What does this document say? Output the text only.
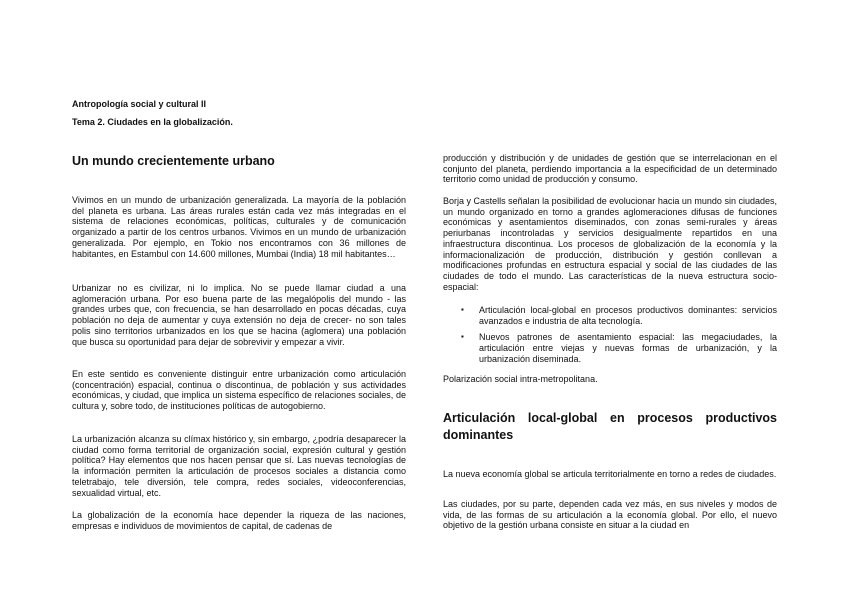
Antropología social y cultural II
Tema 2. Ciudades en la globalización.
Un mundo crecientemente urbano

Vivimos en un mundo de urbanización generalizada. La mayoría de la población del planeta es urbana. Las áreas rurales están cada vez más integradas en el sistema de relaciones económicas, políticas, culturales y de comunicación organizado a partir de los centros urbanos. Vivimos en un mundo de urbanización generalizada. Por ejemplo, en Tokio nos encontramos con 36 millones de habitantes, en Estambul con 14.600 millones, Mumbai (India) 18 mil habitantes…

Urbanizar no es civilizar, ni lo implica. No se puede llamar ciudad a una aglomeración urbana. Por eso buena parte de las megalópolis del mundo - las grandes urbes que, con frecuencia, se han desarrollado en pocas décadas, cuya población no deja de aumentar y cuya extensión no deja de crecer- no son tales polis sino territorios urbanizados en los que se hacina (aglomera) una población que busca su oportunidad para dejar de sobrevivir y empezar a vivir.

En este sentido es conveniente distinguir entre urbanización como articulación (concentración) espacial, continua o discontinua, de población y sus actividades económicas, y ciudad, que implica un sistema específico de relaciones sociales, de cultura y, sobre todo, de instituciones políticas de autogobierno.

La urbanización alcanza su clímax histórico y, sin embargo, ¿podría desaparecer la ciudad como forma territorial de organización social, expresión cultural y gestión política? Hay elementos que nos hacen pensar que sí. Las nuevas tecnologías de la información permiten la articulación de procesos sociales a distancia como teletrabajo, tele diversión, tele compra, redes sociales, videoconferencias, sexualidad virtual, etc.

La globalización de la economía hace depender la riqueza de las naciones, empresas e individuos de movimientos de capital, de cadenas de

producción y distribución y de unidades de gestión que se interrelacionan en el conjunto del planeta, perdiendo importancia a la especificidad de un determinado territorio como unidad de producción y consumo.

Borja y Castells señalan la posibilidad de evolucionar hacia un mundo sin ciudades, un mundo organizado en torno a grandes aglomeraciones difusas de funciones económicas y asentamientos diseminados, con zonas semi-rurales y áreas periurbanas incontroladas y servicios desigualmente repartidos en una infraestructura discontinua. Los procesos de globalización de la economía y la informacionalización de producción, distribución y gestión conllevan a modificaciones profundas en estructura espacial y social de las ciudades de las ciudades de todo el mundo. Las características de la nueva estructura socio-espacial:

▪ Articulación local-global en procesos productivos dominantes: servicios avanzados e industria de alta tecnología.
▪ Nuevos patrones de asentamiento espacial: las megaciudades, la articulación entre viejas y nuevas formas de urbanización, y la urbanización diseminada.

Polarización social intra-metropolitana.

Articulación local-global en procesos productivos dominantes

La nueva economía global se articula territorialmente en torno a redes de ciudades.

Las ciudades, por su parte, dependen cada vez más, en sus niveles y modos de vida, de las formas de su articulación a la economía global. Por ello, el nuevo objetivo de la gestión urbana consiste en situar a la ciudad en
